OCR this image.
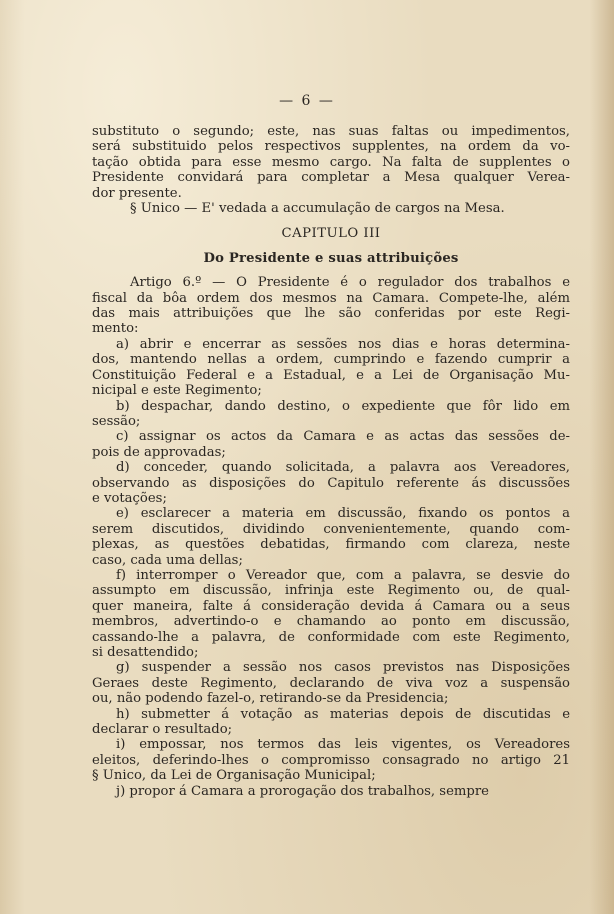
— 6 —
substituto o segundo; este, nas suas faltas ou impedimentos,
será substituido pelos respectivos supplentes, na ordem da vo-
tação obtida para esse mesmo cargo. Na falta de supplentes o
Presidente convidará para completar a Mesa qualquer Verea-
dor presente.
§ Unico — E' vedada a accumulação de cargos na Mesa.
CAPITULO III
Do Presidente e suas attribuições
Artigo 6.º — O Presidente é o regulador dos trabalhos e
fiscal da bôa ordem dos mesmos na Camara. Compete-lhe, além
das mais attribuições que lhe são conferidas por este Regi-
mento:
a) abrir e encerrar as sessões nos dias e horas determina-
dos, mantendo nellas a ordem, cumprindo e fazendo cumprir a
Constituição Federal e a Estadual, e a Lei de Organisação Mu-
nicipal e este Regimento;
b) despachar, dando destino, o expediente que fôr lido em
sessão;
c) assignar os actos da Camara e as actas das sessões de-
pois de approvadas;
d) conceder, quando solicitada, a palavra aos Vereadores,
observando as disposições do Capitulo referente ás discussões
e votações;
e) esclarecer a materia em discussão, fixando os pontos a
serem discutidos, dividindo convenientemente, quando com-
plexas, as questões debatidas, firmando com clareza, neste
caso, cada uma dellas;
f) interromper o Vereador que, com a palavra, se desvie do
assumpto em discussão, infrinja este Regimento ou, de qual-
quer maneira, falte á consideração devida á Camara ou a seus
membros, advertindo-o e chamando ao ponto em discussão,
cassando-lhe a palavra, de conformidade com este Regimento,
si desattendido;
g) suspender a sessão nos casos previstos nas Disposições
Geraes deste Regimento, declarando de viva voz a suspensão
ou, não podendo fazel-o, retirando-se da Presidencia;
h) submetter á votação as materias depois de discutidas e
declarar o resultado;
i) empossar, nos termos das leis vigentes, os Vereadores
eleitos, deferindo-lhes o compromisso consagrado no artigo 21
§ Unico, da Lei de Organisação Municipal;
j) propor á Camara a prorogação dos trabalhos, sempre
